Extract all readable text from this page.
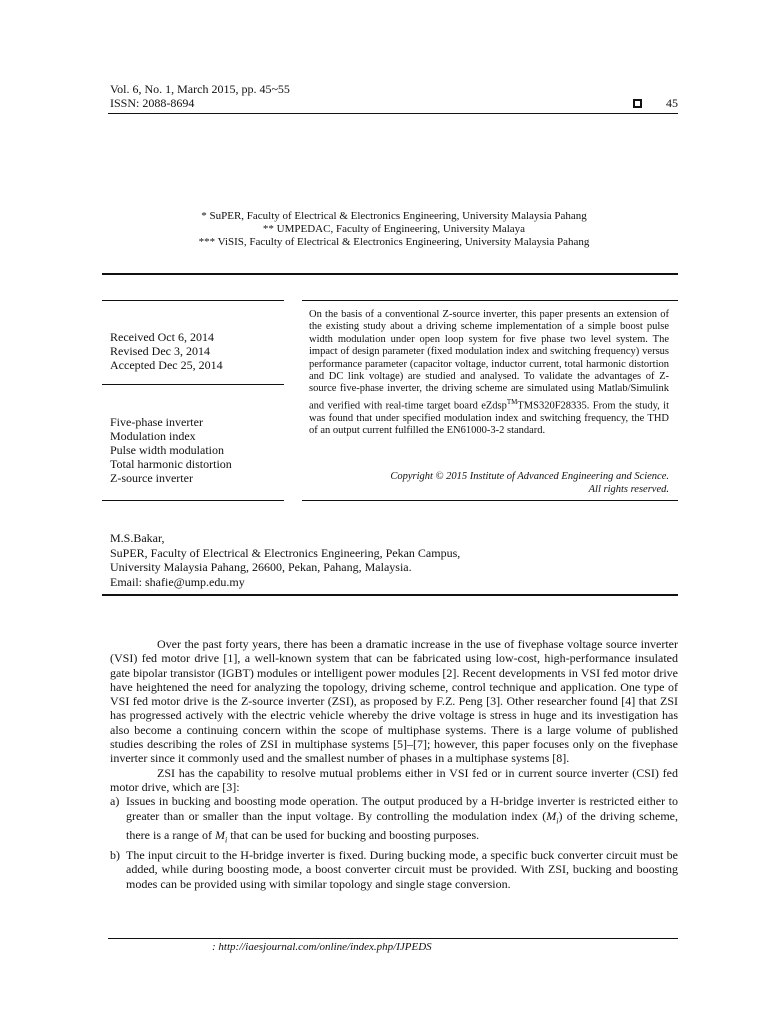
Vol. 6, No. 1, March 2015, pp. 45~55
ISSN: 2088-8694	45
* SuPER, Faculty of Electrical & Electronics Engineering, University Malaysia Pahang
** UMPEDAC, Faculty of Engineering, University Malaya
*** ViSIS, Faculty of Electrical & Electronics Engineering, University Malaysia Pahang
Received Oct 6, 2014
Revised Dec 3, 2014
Accepted Dec 25, 2014
Five-phase inverter
Modulation index
Pulse width modulation
Total harmonic distortion
Z-source inverter
On the basis of a conventional Z-source inverter, this paper presents an extension of the existing study about a driving scheme implementation of a simple boost pulse width modulation under open loop system for five phase two level system. The impact of design parameter (fixed modulation index and switching frequency) versus performance parameter (capacitor voltage, inductor current, total harmonic distortion and DC link voltage) are studied and analysed. To validate the advantages of Z-source five-phase inverter, the driving scheme are simulated using Matlab/Simulink and verified with real-time target board eZdsp™TMS320F28335. From the study, it was found that under specified modulation index and switching frequency, the THD of an output current fulfilled the EN61000-3-2 standard.
Copyright © 2015 Institute of Advanced Engineering and Science.
All rights reserved.
M.S.Bakar,
SuPER, Faculty of Electrical & Electronics Engineering, Pekan Campus,
University Malaysia Pahang, 26600, Pekan, Pahang, Malaysia.
Email: shafie@ump.edu.my

Over the past forty years, there has been a dramatic increase in the use of fivephase voltage source inverter (VSI) fed motor drive [1], a well-known system that can be fabricated using low-cost, high-performance insulated gate bipolar transistor (IGBT) modules or intelligent power modules [2]. Recent developments in VSI fed motor drive have heightened the need for analyzing the topology, driving scheme, control technique and application. One type of VSI fed motor drive is the Z-source inverter (ZSI), as proposed by F.Z. Peng [3]. Other researcher found [4] that ZSI has progressed actively with the electric vehicle whereby the drive voltage is stress in huge and its investigation has also become a continuing concern within the scope of multiphase systems. There is a large volume of published studies describing the roles of ZSI in multiphase systems [5]–[7]; however, this paper focuses only on the fivephase inverter since it commonly used and the smallest number of phases in a multiphase systems [8].

ZSI has the capability to resolve mutual problems either in VSI fed or in current source inverter (CSI) fed motor drive, which are [3]:

a) Issues in bucking and boosting mode operation. The output produced by a H-bridge inverter is restricted either to greater than or smaller than the input voltage. By controlling the modulation index $(M_i)$ of the driving scheme, there is a range of $M_i$ that can be used for bucking and boosting purposes.
b) The input circuit to the H-bridge inverter is fixed. During bucking mode, a specific buck converter circuit must be added, while during boosting mode, a boost converter circuit must be provided. With ZSI, bucking and boosting modes can be provided using with similar topology and single stage conversion.
: http://iaesjournal.com/online/index.php/IJPEDS
